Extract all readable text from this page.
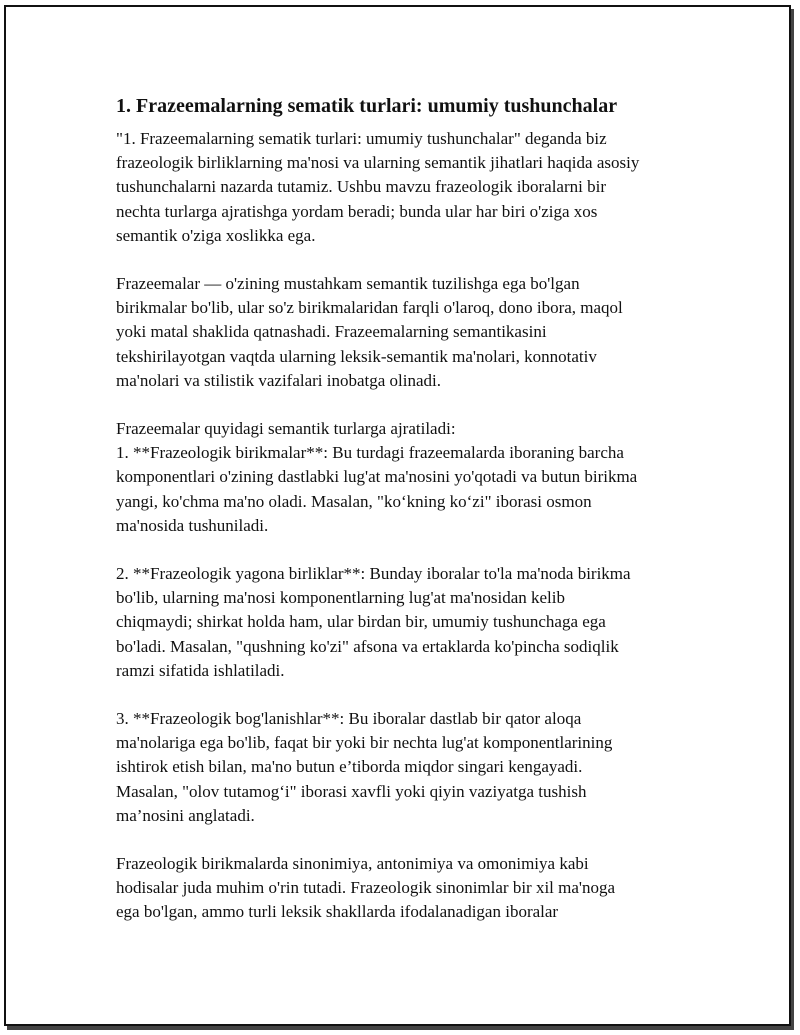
1. Frazeemalarning sematik turlari: umumiy tushunchalar
"1. Frazeemalarning sematik turlari: umumiy tushunchalar" deganda biz
frazeologik birliklarning ma'nosi va ularning semantik jihatlari haqida asosiy
tushunchalarni nazarda tutamiz. Ushbu mavzu frazeologik iboralarni bir
nechta turlarga ajratishga yordam beradi; bunda ular har biri o'ziga xos
semantik o'ziga xoslikka ega.
Frazeemalar — o'zining mustahkam semantik tuzilishga ega bo'lgan
birikmalar bo'lib, ular so'z birikmalaridan farqli o'laroq, dono ibora, maqol
yoki matal shaklida qatnashadi. Frazeemalarning semantikasini
tekshirilayotgan vaqtda ularning leksik-semantik ma'nolari, konnotativ
ma'nolari va stilistik vazifalari inobatga olinadi.
Frazeemalar quyidagi semantik turlarga ajratiladi:
1. **Frazeologik birikmalar**: Bu turdagi frazeemalarda iboraning barcha
komponentlari o'zining dastlabki lug'at ma'nosini yo'qotadi va butun birikma
yangi, ko'chma ma'no oladi. Masalan, "ko‘kning ko‘zi" iborasi osmon
ma'nosida tushuniladi.
2. **Frazeologik yagona birliklar**: Bunday iboralar to'la ma'noda birikma
bo'lib, ularning ma'nosi komponentlarning lug'at ma'nosidan kelib
chiqmaydi; shirkat holda ham, ular birdan bir, umumiy tushunchaga ega
bo'ladi. Masalan, "qushning ko'zi" afsona va ertaklarda ko'pincha sodiqlik
ramzi sifatida ishlatiladi.
3. **Frazeologik bog'lanishlar**: Bu iboralar dastlab bir qator aloqa
ma'nolariga ega bo'lib, faqat bir yoki bir nechta lug'at komponentlarining
ishtirok etish bilan, ma'no butun e’tiborda miqdor singari kengayadi.
Masalan, "olov tutamog‘i" iborasi xavfli yoki qiyin vaziyatga tushish
ma’nosini anglatadi.
Frazeologik birikmalarda sinonimiya, antonimiya va omonimiya kabi
hodisalar juda muhim o'rin tutadi. Frazeologik sinonimlar bir xil ma'noga
ega bo'lgan, ammo turli leksik shakllarda ifodalanadigan iboralar
